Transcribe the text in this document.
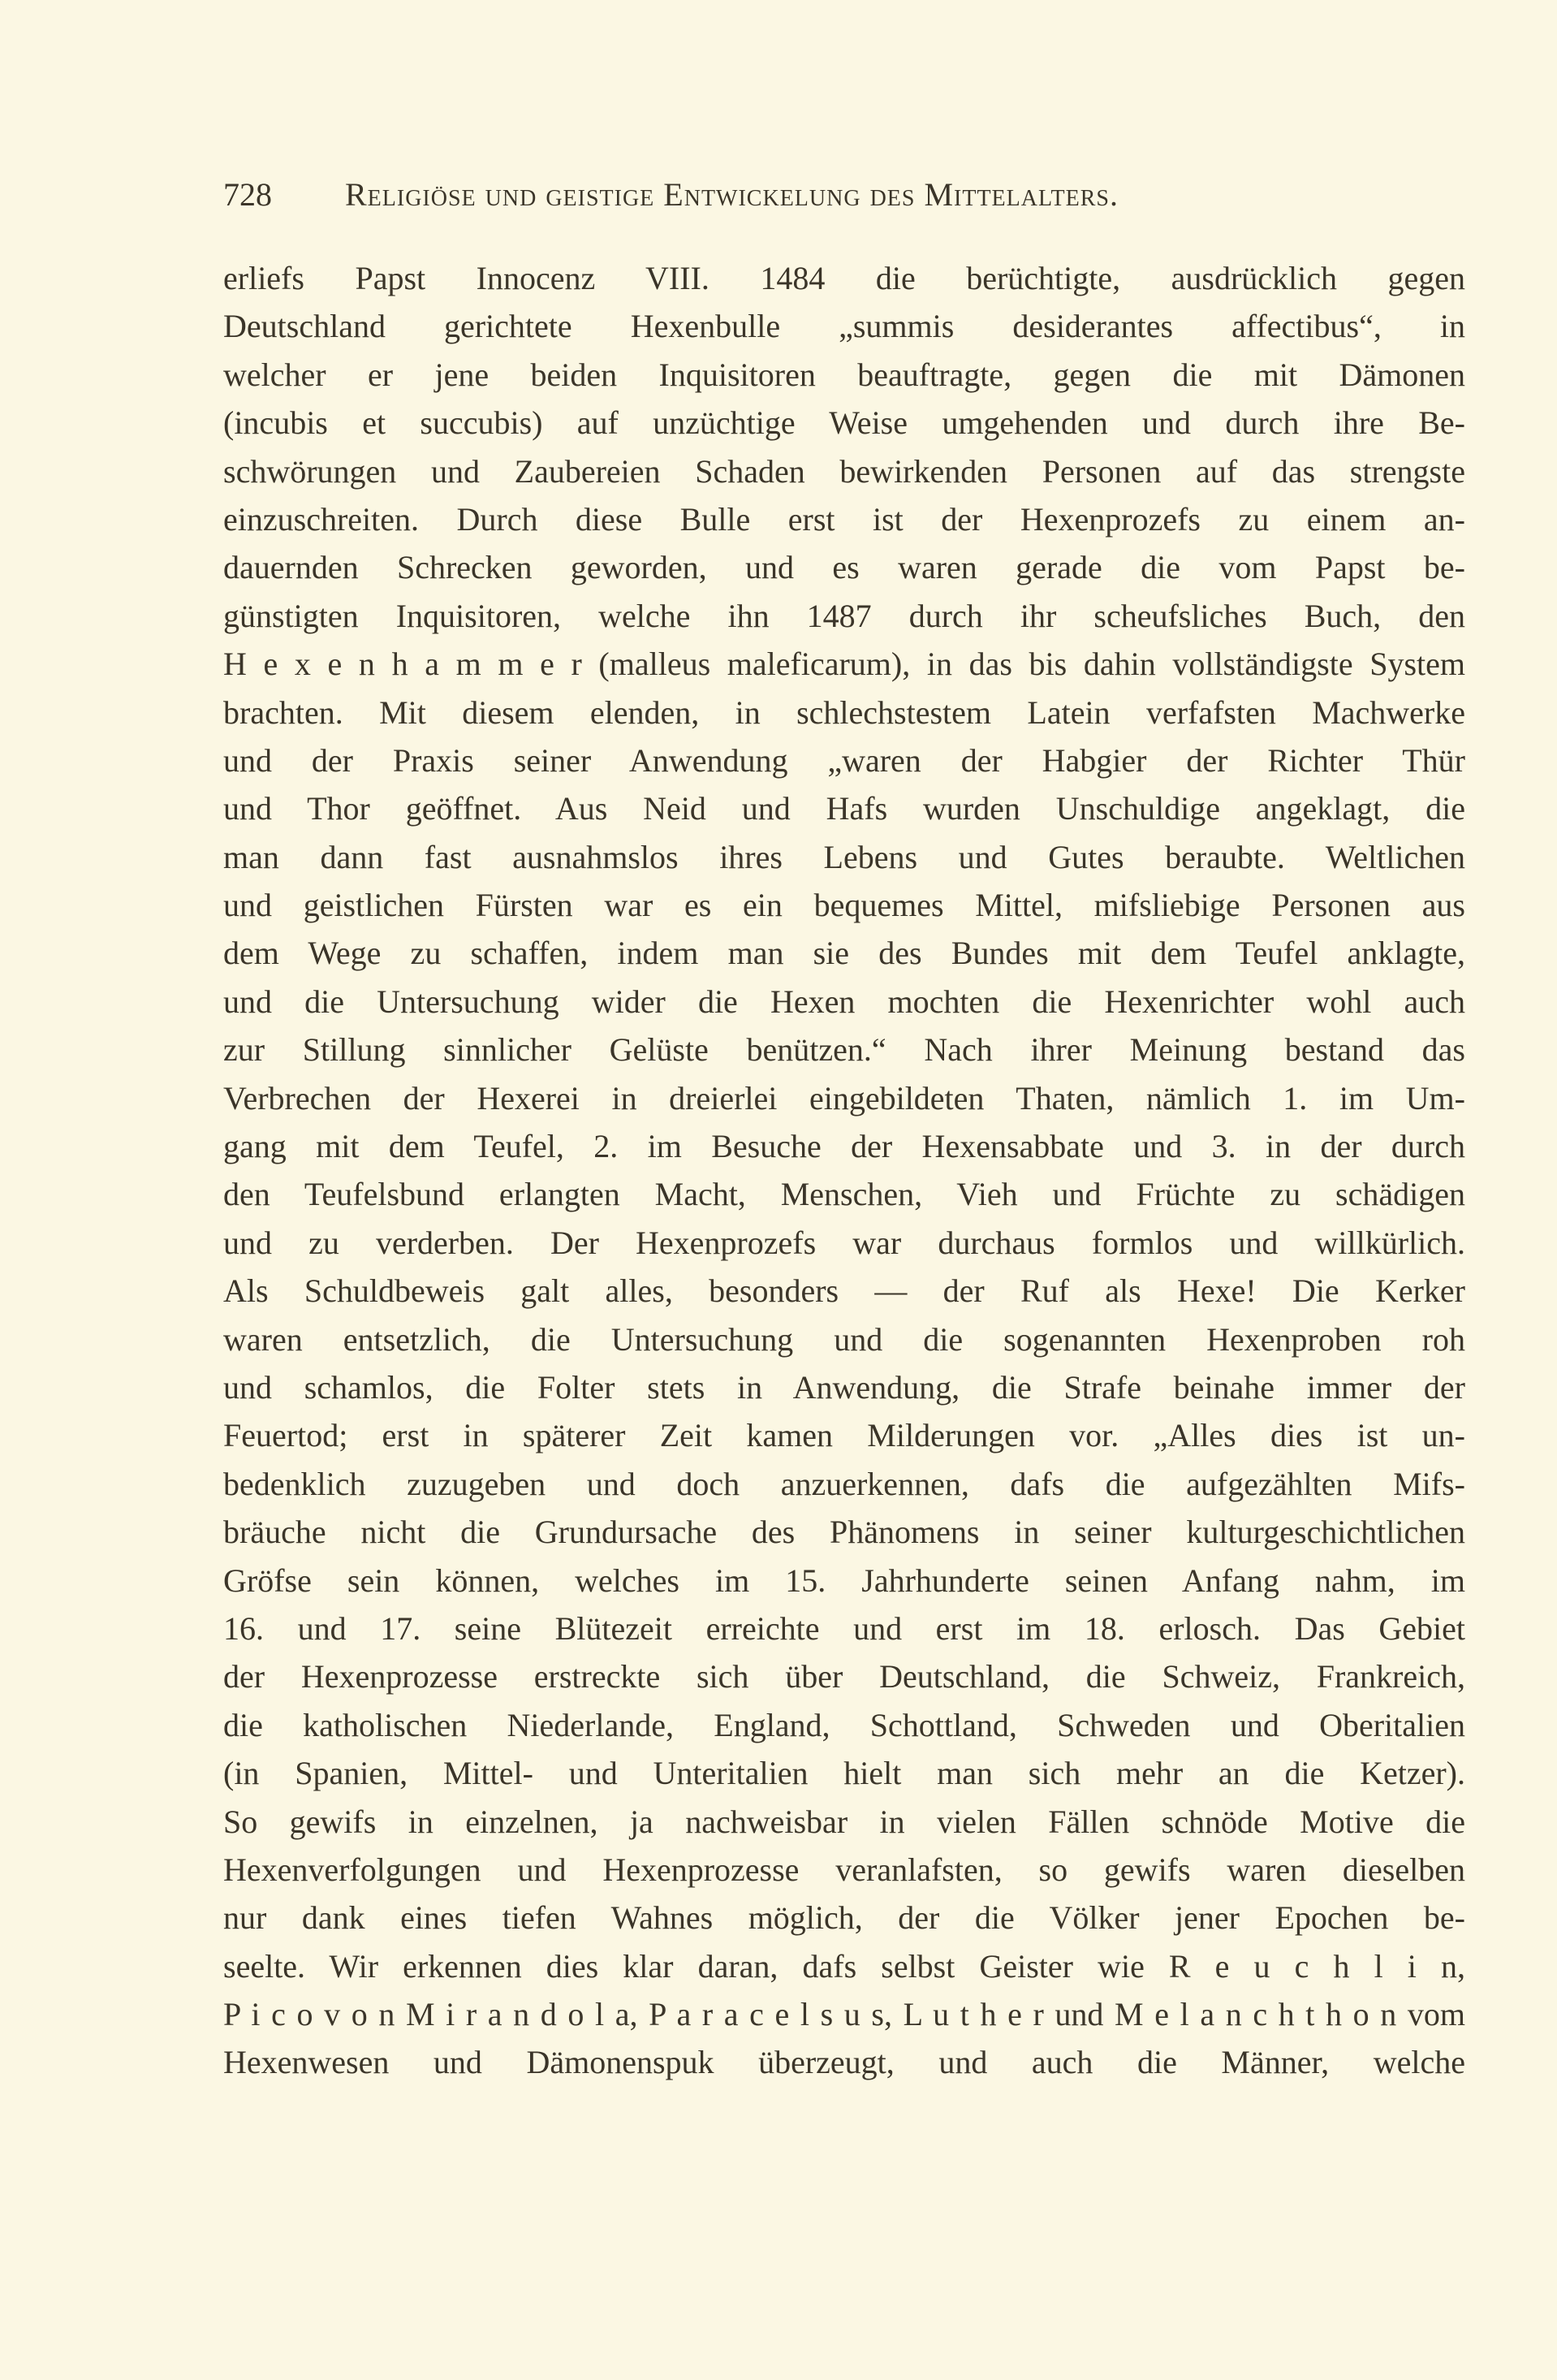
728 Religiöse und geistige Entwickelung des Mittelalters.
erliefs Papst Innocenz VIII. 1484 die berüchtigte, ausdrücklich gegen
Deutschland gerichtete Hexenbulle „summis desiderantes affectibus“, in
welcher er jene beiden Inquisitoren beauftragte, gegen die mit Dämonen
(incubis et succubis) auf unzüchtige Weise umgehenden und durch ihre Be-
schwörungen und Zaubereien Schaden bewirkenden Personen auf das strengste
einzuschreiten. Durch diese Bulle erst ist der Hexenprozefs zu einem an-
dauernden Schrecken geworden, und es waren gerade die vom Papst be-
günstigten Inquisitoren, welche ihn 1487 durch ihr scheufsliches Buch, den
H e x e n h a m m e r (malleus maleficarum), in das bis dahin vollständigste System
brachten. Mit diesem elenden, in schlechstestem Latein verfafsten Machwerke
und der Praxis seiner Anwendung „waren der Habgier der Richter Thür
und Thor geöffnet. Aus Neid und Hafs wurden Unschuldige angeklagt, die
man dann fast ausnahmslos ihres Lebens und Gutes beraubte. Weltlichen
und geistlichen Fürsten war es ein bequemes Mittel, mifsliebige Personen aus
dem Wege zu schaffen, indem man sie des Bundes mit dem Teufel anklagte,
und die Untersuchung wider die Hexen mochten die Hexenrichter wohl auch
zur Stillung sinnlicher Gelüste benützen.“ Nach ihrer Meinung bestand das
Verbrechen der Hexerei in dreierlei eingebildeten Thaten, nämlich 1. im Um-
gang mit dem Teufel, 2. im Besuche der Hexensabbate und 3. in der durch
den Teufelsbund erlangten Macht, Menschen, Vieh und Früchte zu schädigen
und zu verderben. Der Hexenprozefs war durchaus formlos und willkürlich.
Als Schuldbeweis galt alles, besonders — der Ruf als Hexe! Die Kerker
waren entsetzlich, die Untersuchung und die sogenannten Hexenproben roh
und schamlos, die Folter stets in Anwendung, die Strafe beinahe immer der
Feuertod; erst in späterer Zeit kamen Milderungen vor. „Alles dies ist un-
bedenklich zuzugeben und doch anzuerkennen, dafs die aufgezählten Mifs-
bräuche nicht die Grundursache des Phänomens in seiner kulturgeschichtlichen
Gröfse sein können, welches im 15. Jahrhunderte seinen Anfang nahm, im
16. und 17. seine Blütezeit erreichte und erst im 18. erlosch. Das Gebiet
der Hexenprozesse erstreckte sich über Deutschland, die Schweiz, Frankreich,
die katholischen Niederlande, England, Schottland, Schweden und Oberitalien
(in Spanien, Mittel- und Unteritalien hielt man sich mehr an die Ketzer).
So gewifs in einzelnen, ja nachweisbar in vielen Fällen schnöde Motive die
Hexenverfolgungen und Hexenprozesse veranlafsten, so gewifs waren dieselben
nur dank eines tiefen Wahnes möglich, der die Völker jener Epochen be-
seelte. Wir erkennen dies klar daran, dafs selbst Geister wie R e u c h l i n,
P i c o v o n M i r a n d o l a, P a r a c e l s u s, L u t h e r und M e l a n c h t h o n vom
Hexenwesen und Dämonenspuk überzeugt, und auch die Männer, welche
